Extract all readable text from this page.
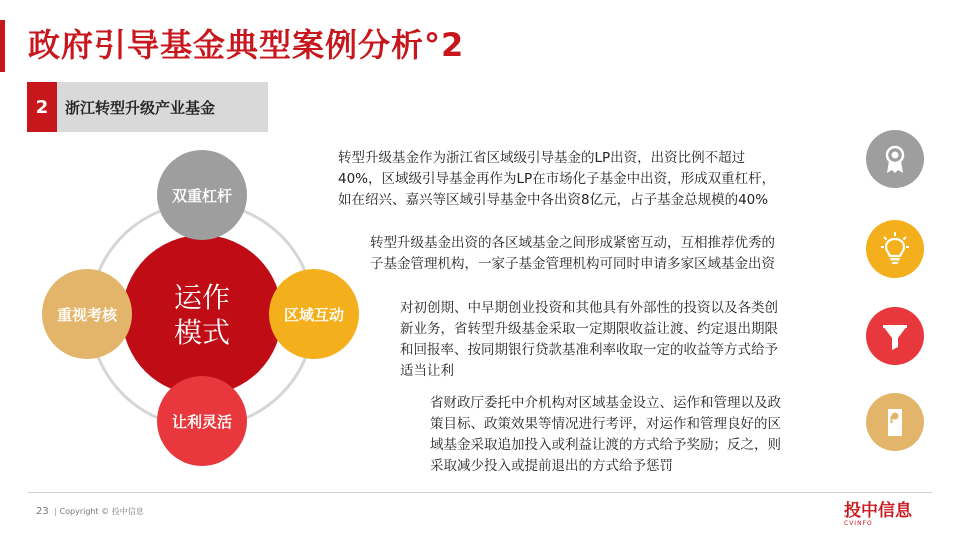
政府引导基金典型案例分析°2
2	浙江转型升级产业基金
运作
模式
双重杠杆
重视考核	区域互动
让利灵活
转型升级基金作为浙江省区域级引导基金的LP出资，出资比例不超过
40%，区域级引导基金再作为LP在市场化子基金中出资，形成双重杠杆，
如在绍兴、嘉兴等区域引导基金中各出资8亿元，占子基金总规模的40%
转型升级基金出资的各区域基金之间形成紧密互动，互相推荐优秀的
子基金管理机构，一家子基金管理机构可同时申请多家区域基金出资
对初创期、中早期创业投资和其他具有外部性的投资以及各类创
新业务，省转型升级基金采取一定期限收益让渡、约定退出期限
和回报率、按同期银行贷款基准利率收取一定的收益等方式给予
适当让利
省财政厅委托中介机构对区域基金设立、运作和管理以及政
策目标、政策效果等情况进行考评，对运作和管理良好的区
域基金采取追加投入或利益让渡的方式给予奖励；反之，则
采取减少投入或提前退出的方式给予惩罚
23 | Copyright © 投中信息	投中信息
CVINFO
